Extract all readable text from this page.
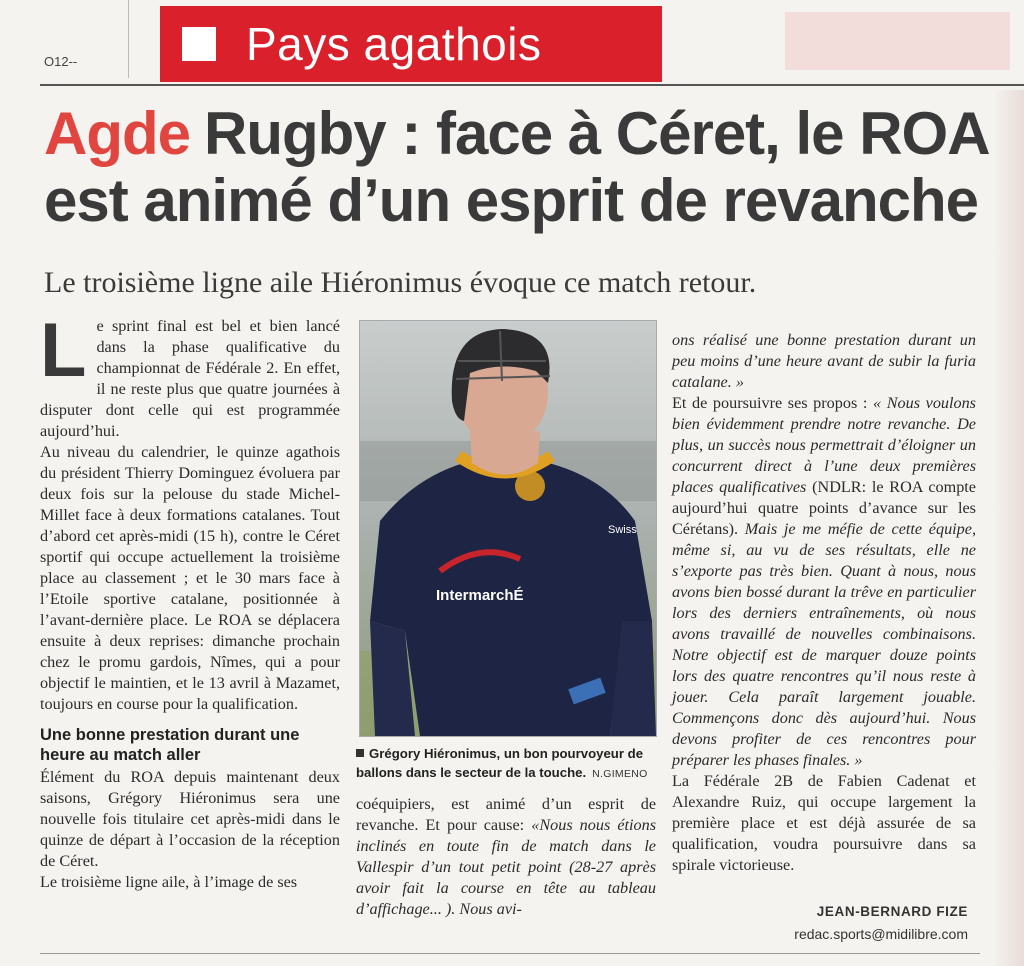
O12--	Pays agathois
Agde Rugby : face à Céret, le ROA est animé d’un esprit de revanche
Le troisième ligne aile Hiéronimus évoque ce match retour.
L e sprint final est bel et bien lancé dans la phase qualificative du championnat de Fédérale 2. En effet, il ne reste plus que quatre journées à disputer dont celle qui est programmée aujourd’hui.

Au niveau du calendrier, le quinze agathois du président Thierry Dominguez évoluera par deux fois sur la pelouse du stade Michel-Millet face à deux formations catalanes. Tout d’abord cet après-midi (15 h), contre le Céret sportif qui occupe actuellement la troisième place au classement ; et le 30 mars face à l’Etoile sportive catalane, positionnée à l’avant-dernière place. Le ROA se déplacera ensuite à deux reprises: dimanche prochain chez le promu gardois, Nîmes, qui a pour objectif le maintien, et le 13 avril à Mazamet, toujours en course pour la qualification.

Une bonne prestation durant une heure au match aller

Élément du ROA depuis maintenant deux saisons, Grégory Hiéronimus sera une nouvelle fois titulaire cet après-midi dans le quinze de départ à l’occasion de la réception de Céret.

Le troisième ligne aile, à l’image de ses

IntermarchÉ
Swiss
Grégory Hiéronimus, un bon pourvoyeur de ballons dans le secteur de la touche. N.GIMENO

coéquipiers, est animé d’un esprit de revanche. Et pour cause: «Nous nous étions inclinés en toute fin de match dans le Vallespir d’un tout petit point (28-27 après avoir fait la course en tête au tableau d’affichage... ). Nous avi-

ons réalisé une bonne prestation durant un peu moins d’une heure avant de subir la furia catalane. »

Et de poursuivre ses propos : « Nous voulons bien évidemment prendre notre revanche. De plus, un succès nous permettrait d’éloigner un concurrent direct à l’une deux premières places qualificatives (NDLR: le ROA compte aujourd’hui quatre points d’avance sur les Cérétans). Mais je me méfie de cette équipe, même si, au vu de ses résultats, elle ne s’exporte pas très bien. Quant à nous, nous avons bien bossé durant la trêve en particulier lors des derniers entraînements, où nous avons travaillé de nouvelles combinaisons. Notre objectif est de marquer douze points lors des quatre rencontres qu’il nous reste à jouer. Cela paraît largement jouable. Commençons donc dès aujourd’hui. Nous devons profiter de ces rencontres pour préparer les phases finales. »

La Fédérale 2B de Fabien Cadenat et Alexandre Ruiz, qui occupe largement la première place et est déjà assurée de sa qualification, voudra poursuivre dans sa spirale victorieuse.

JEAN-BERNARD FIZE
redac.sports@midilibre.com
